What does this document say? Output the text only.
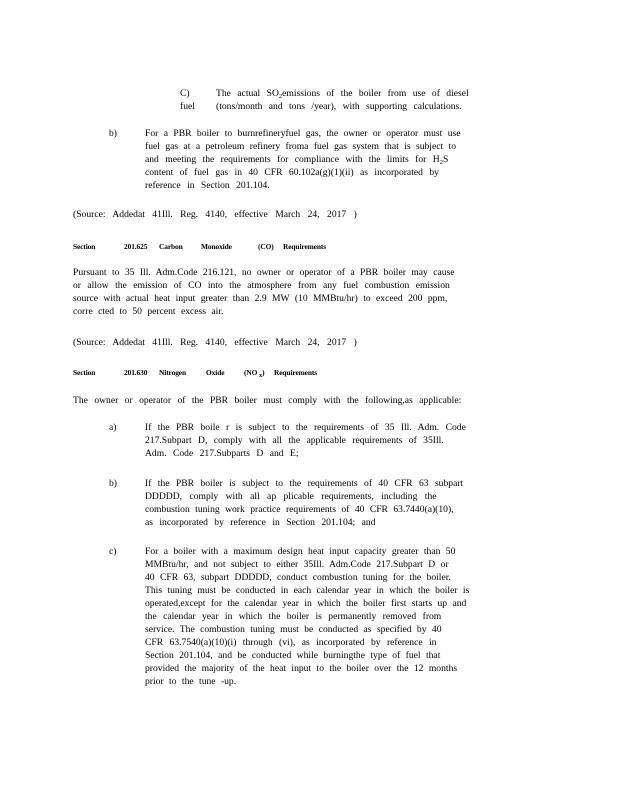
C)	The actual $SO_2emissions$ of the boiler from use of diesel
fuel (tons/month and tons /year), with supporting calculations.
b)	For a PBR boiler to burnrefineryfuel gas, the owner or operator must use
fuel gas at a petroleum refinery froma fuel gas system that is subject to
and meeting the requirements for compliance with the limits for $H_2S$
content of fuel gas in 40 CFR 60.102a(g)(1)(ii) as incorporated by
reference in Section 201.104.
(Source: Addedat 41Ill. Reg. 4140, effective March 24, 2017 )
Section	201.625 Carbon Monoxide	(CO) Requirements
Pursuant to 35 Ill. Adm.Code 216.121, no owner or operator of a PBR boiler may cause
or allow the emission of CO into the atmosphere from any fuel combustion emission
source with actual heat input greater than 2.9 MW (10 MMBtu/hr) to exceed 200 ppm,
corre cted to 50 percent excess air.
(Source: Addedat 41Ill. Reg. 4140, effective March 24, 2017 )
Section	201.630 Nitrogen	Oxide	(NO x) Requirements
The owner or operator of the PBR boiler must comply with the following,as applicable:
a)	If the PBR boile r is subject to the requirements of 35 Ill. Adm. Code
217.Subpart D, comply with all the applicable requirements of 35Ill.
Adm. Code 217.Subparts D and E;
b)	If the PBR boiler is subject to the requirements of 40 CFR 63 subpart
DDDDD, comply with all ap plicable requirements, including the
combustion tuning work practice requirements of 40 CFR 63.7440(a)(10),
as incorporated by reference in Section 201.104; and
c)	For a boiler with a maximum design heat input capacity greater than 50
MMBtu/hr, and not subject to either 35Ill. Adm.Code 217.Subpart D or
40 CFR 63, subpart DDDDD, conduct combustion tuning for the boiler.
This tuning must be conducted in each calendar year in which the boiler is
operated,except for the calendar year in which the boiler first starts up and
the calendar year in which the boiler is permanently removed from
service. The combustion tuning must be conducted as specified by 40
CFR 63.7540(a)(10)(i) through (vi), as incorporated by reference in
Section 201.104, and be conducted while burningthe type of fuel that
provided the majority of the heat input to the boiler over the 12 months
prior to the tune -up.
